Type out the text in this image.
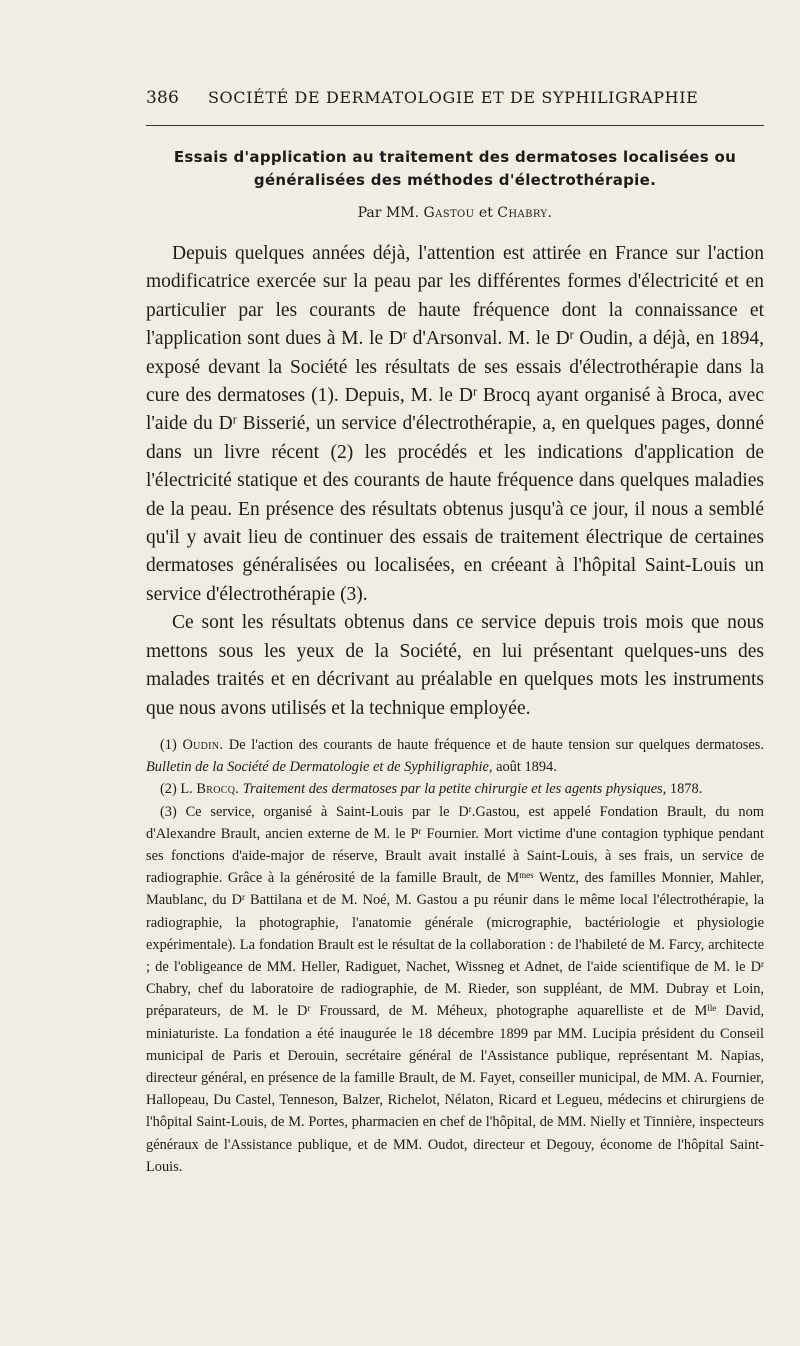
386 SOCIÉTÉ DE DERMATOLOGIE ET DE SYPHILIGRAPHIE
Essais d'application au traitement des dermatoses localisées ou
généralisées des méthodes d'électrothérapie.
Par MM. Gastou et Chabry.

Depuis quelques années déjà, l'attention est attirée en France sur l'action modificatrice exercée sur la peau par les différentes formes d'électricité et en particulier par les courants de haute fréquence dont la connaissance et l'application sont dues à M. le $D^r$ d'Arsonval. M. le $D^r$ Oudin, a déjà, en 1894, exposé devant la Société les résultats de ses essais d'électrothérapie dans la cure des dermatoses (1). Depuis, M. le $D^r$ Brocq ayant organisé à Broca, avec l'aide du $D^r$ Bisserié, un service d'électrothérapie, a, en quelques pages, donné dans un livre récent (2) les procédés et les indications d'application de l'électricité statique et des courants de haute fréquence dans quelques maladies de la peau. En présence des résultats obtenus jusqu'à ce jour, il nous a semblé qu'il y avait lieu de continuer des essais de traitement électrique de certaines dermatoses généralisées ou localisées, en créeant à l'hôpital Saint-Louis un service d'électrothérapie (3).

Ce sont les résultats obtenus dans ce service depuis trois mois que nous mettons sous les yeux de la Société, en lui présentant quelques-uns des malades traités et en décrivant au préalable en quelques mots les instruments que nous avons utilisés et la technique employée.

(1) Oudin. De l'action des courants de haute fréquence et de haute tension sur quelques dermatoses. Bulletin de la Société de Dermatologie et de Syphiligraphie, août 1894.

(2) L. Brocq. Traitement des dermatoses par la petite chirurgie et les agents physiques, 1878.

(3) Ce service, organisé à Saint-Louis par le $D^r.Gastou$, est appelé Fondation Brault, du nom d'Alexandre Brault, ancien externe de M. le $P^r$ Fournier. Mort victime d'une contagion typhique pendant ses fonctions d'aide-major de réserve, Brault avait installé à Saint-Louis, à ses frais, un service de radiographie. Grâce à la générosité de la famille Brault, de $M^{mes}$ Wentz, des familles Monnier, Mahler, Maublanc, du $D^r$ Battilana et de M. Noé, M. Gastou a pu réunir dans le même local l'électrothérapie, la radiographie, la photographie, l'anatomie générale (micrographie, bactériologie et physiologie expérimentale). La fondation Brault est le résultat de la collaboration : de l'habileté de M. Farcy, architecte ; de l'obligeance de MM. Heller, Radiguet, Nachet, Wissneg et Adnet, de l'aide scientifique de M. le $D^r$ Chabry, chef du laboratoire de radiographie, de M. Rieder, son suppléant, de MM. Dubray et Loin, préparateurs, de M. le $D^r$ Froussard, de M. Méheux, photographe aquarelliste et de $M^{lle}$ David, miniaturiste. La fondation a été inaugurée le 18 décembre 1899 par MM. Lucipia président du Conseil municipal de Paris et Derouin, secrétaire général de l'Assistance publique, représentant M. Napias, directeur général, en présence de la famille Brault, de M. Fayet, conseiller municipal, de MM. A. Fournier, Hallopeau, Du Castel, Tenneson, Balzer, Richelot, Nélaton, Ricard et Legueu, médecins et chirurgiens de l'hôpital Saint-Louis, de M. Portes, pharmacien en chef de l'hôpital, de MM. Nielly et Tinnière, inspecteurs généraux de l'Assistance publique, et de MM. Oudot, directeur et Degouy, économe de l'hôpital Saint-Louis.
